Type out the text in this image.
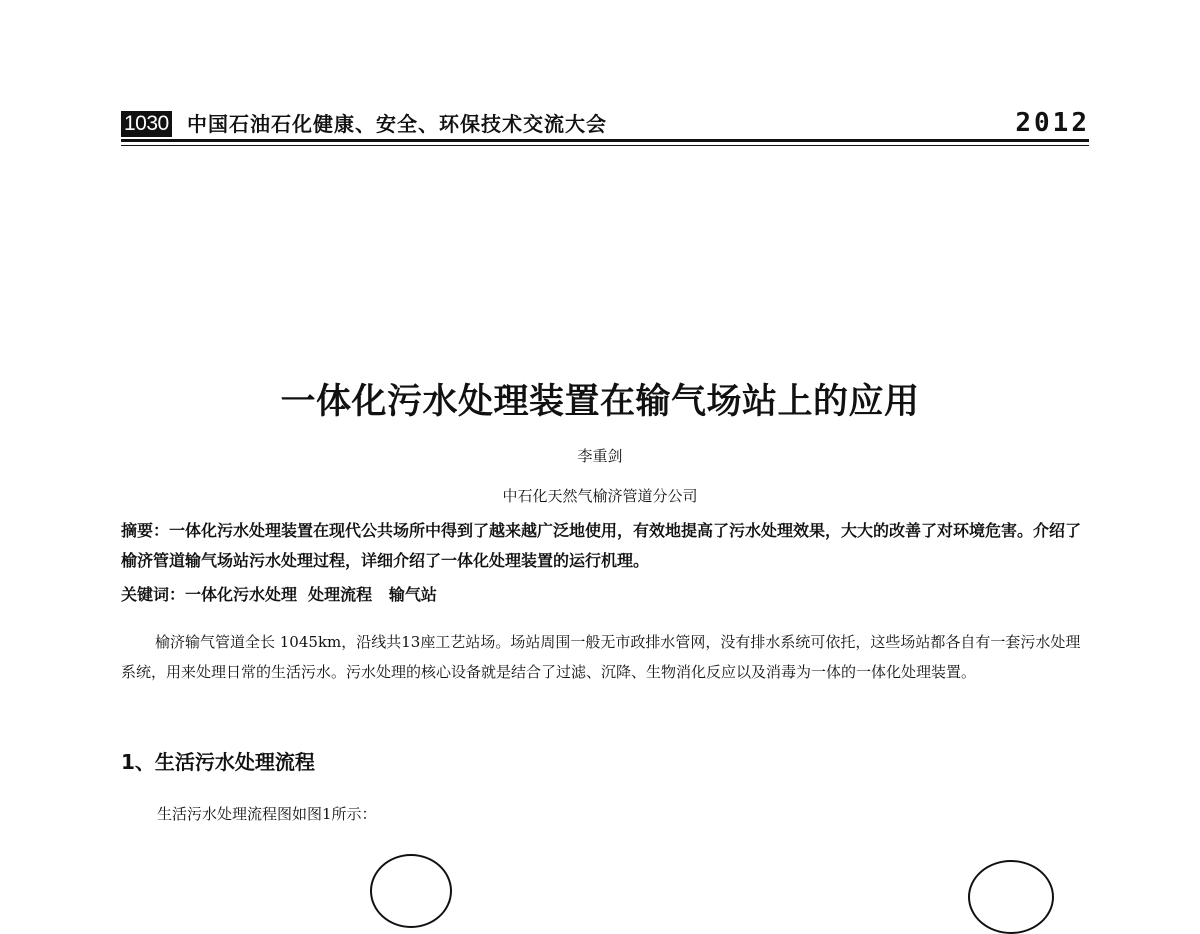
1030 中国石油石化健康、安全、环保技术交流大会	2012
一体化污水处理装置在输气场站上的应用
李重剑
中石化天然气榆济管道分公司
摘要：一体化污水处理装置在现代公共场所中得到了越来越广泛地使用，有效地提高了污水处理效果，大大的改善了对环境危害。介绍了榆济管道输气场站污水处理过程，详细介绍了一体化处理装置的运行机理。
关键词：一体化污水处理  处理流程   输气站
榆济输气管道全长 1045km，沿线共13座工艺站场。场站周围一般无市政排水管网，没有排水系统可依托，这些场站都各自有一套污水处理系统，用来处理日常的生活污水。污水处理的核心设备就是结合了过滤、沉降、生物消化反应以及消毒为一体的一体化处理装置。
1、生活污水处理流程
生活污水处理流程图如图1所示：
